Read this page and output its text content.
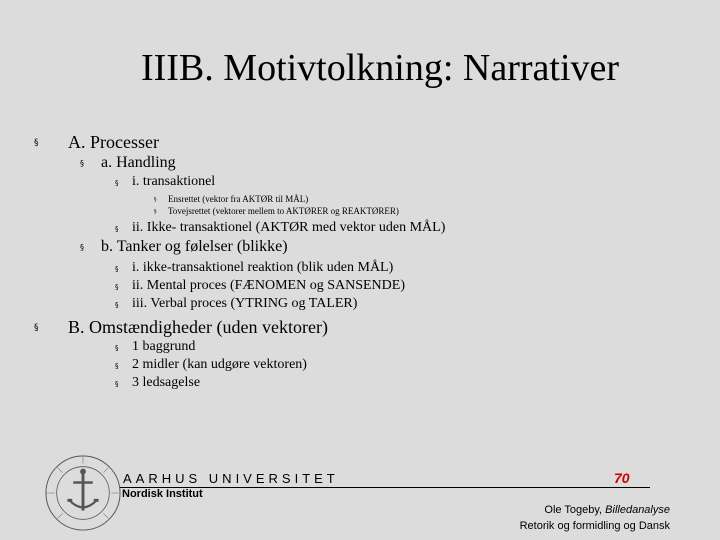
IIIB. Motivtolkning: Narrativer
§ A. Processer
§ a. Handling
§ i. transaktionel
§ Ensrettet (vektor fra AKTØR til MÅL)
§ Tovejsrettet (vektorer mellem to AKTØRER og REAKTØRER)
§ ii. Ikke- transaktionel (AKTØR med vektor uden MÅL)
§ b. Tanker og følelser (blikke)
§ i. ikke-transaktionel reaktion (blik uden MÅL)
§ ii. Mental proces (FÆNOMEN og SANSENDE)
§ iii. Verbal proces (YTRING og TALER)
§ B. Omstændigheder (uden vektorer)
§ 1 baggrund
§ 2 midler (kan udgøre vektoren)
§ 3 ledsagelse
AARHUS UNIVERSITET
Nordisk Institut
70
Ole Togeby, Billedanalyse
Retorik og formidling og Dansk
